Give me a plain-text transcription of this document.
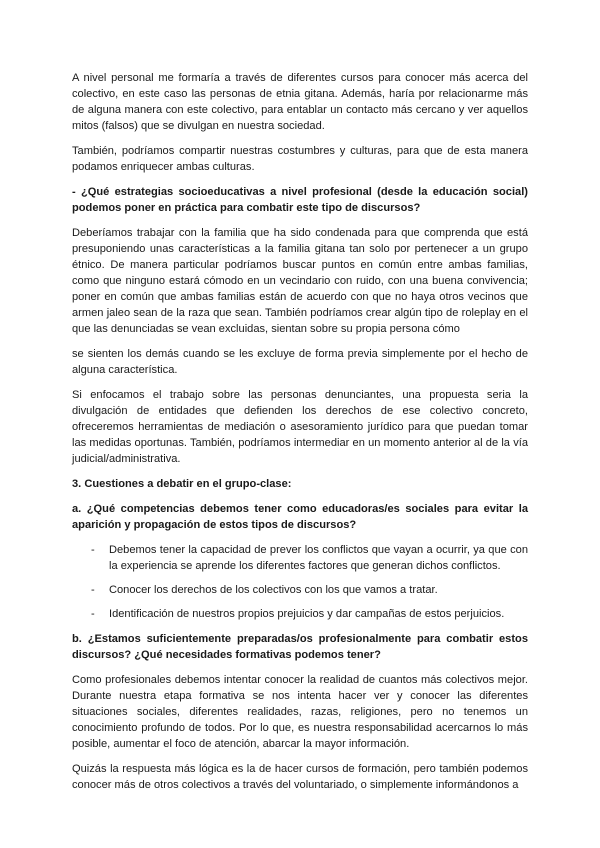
A nivel personal me formaría a través de diferentes cursos para conocer más acerca del colectivo, en este caso las personas de etnia gitana. Además, haría por relacionarme más de alguna manera con este colectivo, para entablar un contacto más cercano y ver aquellos mitos (falsos) que se divulgan en nuestra sociedad.

También, podríamos compartir nuestras costumbres y culturas, para que de esta manera podamos enriquecer ambas culturas.

- ¿Qué estrategias socioeducativas a nivel profesional (desde la educación social) podemos poner en práctica para combatir este tipo de discursos?

Deberíamos trabajar con la familia que ha sido condenada para que comprenda que está presuponiendo unas características a la familia gitana tan solo por pertenecer a un grupo étnico. De manera particular podríamos buscar puntos en común entre ambas familias, como que ninguno estará cómodo en un vecindario con ruido, con una buena convivencia; poner en común que ambas familias están de acuerdo con que no haya otros vecinos que armen jaleo sean de la raza que sean. También podríamos crear algún tipo de roleplay en el que las denunciadas se vean excluidas, sientan sobre su propia persona cómo

se sienten los demás cuando se les excluye de forma previa simplemente por el hecho de alguna característica.

Si enfocamos el trabajo sobre las personas denunciantes, una propuesta seria la divulgación de entidades que defienden los derechos de ese colectivo concreto, ofreceremos herramientas de mediación o asesoramiento jurídico para que puedan tomar las medidas oportunas. También, podríamos intermediar en un momento anterior al de la vía judicial/administrativa.

3. Cuestiones a debatir en el grupo-clase:

a. ¿Qué competencias debemos tener como educadoras/es sociales para evitar la aparición y propagación de estos tipos de discursos?

- Debemos tener la capacidad de prever los conflictos que vayan a ocurrir, ya que con la experiencia se aprende los diferentes factores que generan dichos conflictos.
- Conocer los derechos de los colectivos con los que vamos a tratar.
- Identificación de nuestros propios prejuicios y dar campañas de estos perjuicios.

b. ¿Estamos suficientemente preparadas/os profesionalmente para combatir estos discursos? ¿Qué necesidades formativas podemos tener?

Como profesionales debemos intentar conocer la realidad de cuantos más colectivos mejor. Durante nuestra etapa formativa se nos intenta hacer ver y conocer las diferentes situaciones sociales, diferentes realidades, razas, religiones, pero no tenemos un conocimiento profundo de todos. Por lo que, es nuestra responsabilidad acercarnos lo más posible, aumentar el foco de atención, abarcar la mayor información.

Quizás la respuesta más lógica es la de hacer cursos de formación, pero también podemos conocer más de otros colectivos a través del voluntariado, o simplemente informándonos a
